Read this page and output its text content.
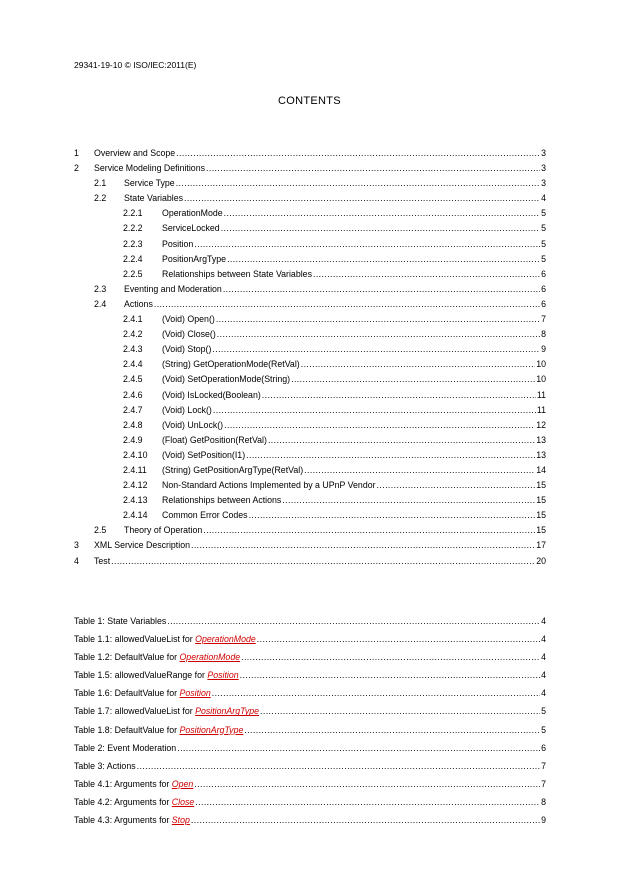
29341-19-10 © ISO/IEC:2011(E)
CONTENTS
1	Overview and Scope .....	3
2	Service Modeling Definitions .....	3
2.1	Service Type .....	3
2.2	State Variables .....	4
2.2.1	OperationMode .....	5
2.2.2	ServiceLocked .....	5
2.2.3	Position .....	5
2.2.4	PositionArgType .....	5
2.2.5	Relationships between State Variables .....	6
2.3	Eventing and Moderation .....	6
2.4	Actions .....	6
2.4.1	(Void) Open() .....	7
2.4.2	(Void) Close() .....	8
2.4.3	(Void) Stop() .....	9
2.4.4	(String) GetOperationMode(RetVal) .....	10
2.4.5	(Void) SetOperationMode(String) .....	10
2.4.6	(Void) IsLocked(Boolean) .....	11
2.4.7	(Void) Lock() .....	11
2.4.8	(Void) UnLock() .....	12
2.4.9	(Float) GetPosition(RetVal) .....	13
2.4.10	(Void) SetPosition(I1) .....	13
2.4.11	(String) GetPositionArgType(RetVal) .....	14
2.4.12	Non-Standard Actions Implemented by a UPnP Vendor .....	15
2.4.13	Relationships between Actions .....	15
2.4.14	Common Error Codes .....	15
2.5	Theory of Operation .....	15
3	XML Service Description .....	17
4	Test .....	20
Table 1: State Variables .....	4
Table 1.1: allowedValueList for OperationMode .....	4
Table 1.2: DefaultValue for OperationMode .....	4
Table 1.5: allowedValueRange for Position .....	4
Table 1.6: DefaultValue for Position .....	4
Table 1.7: allowedValueList for PositionArgType .....	5
Table 1.8: DefaultValue for PositionArgType .....	5
Table 2: Event Moderation .....	6
Table 3: Actions .....	7
Table 4.1: Arguments for Open .....	7
Table 4.2: Arguments for Close .....	8
Table 4.3: Arguments for Stop .....	9
